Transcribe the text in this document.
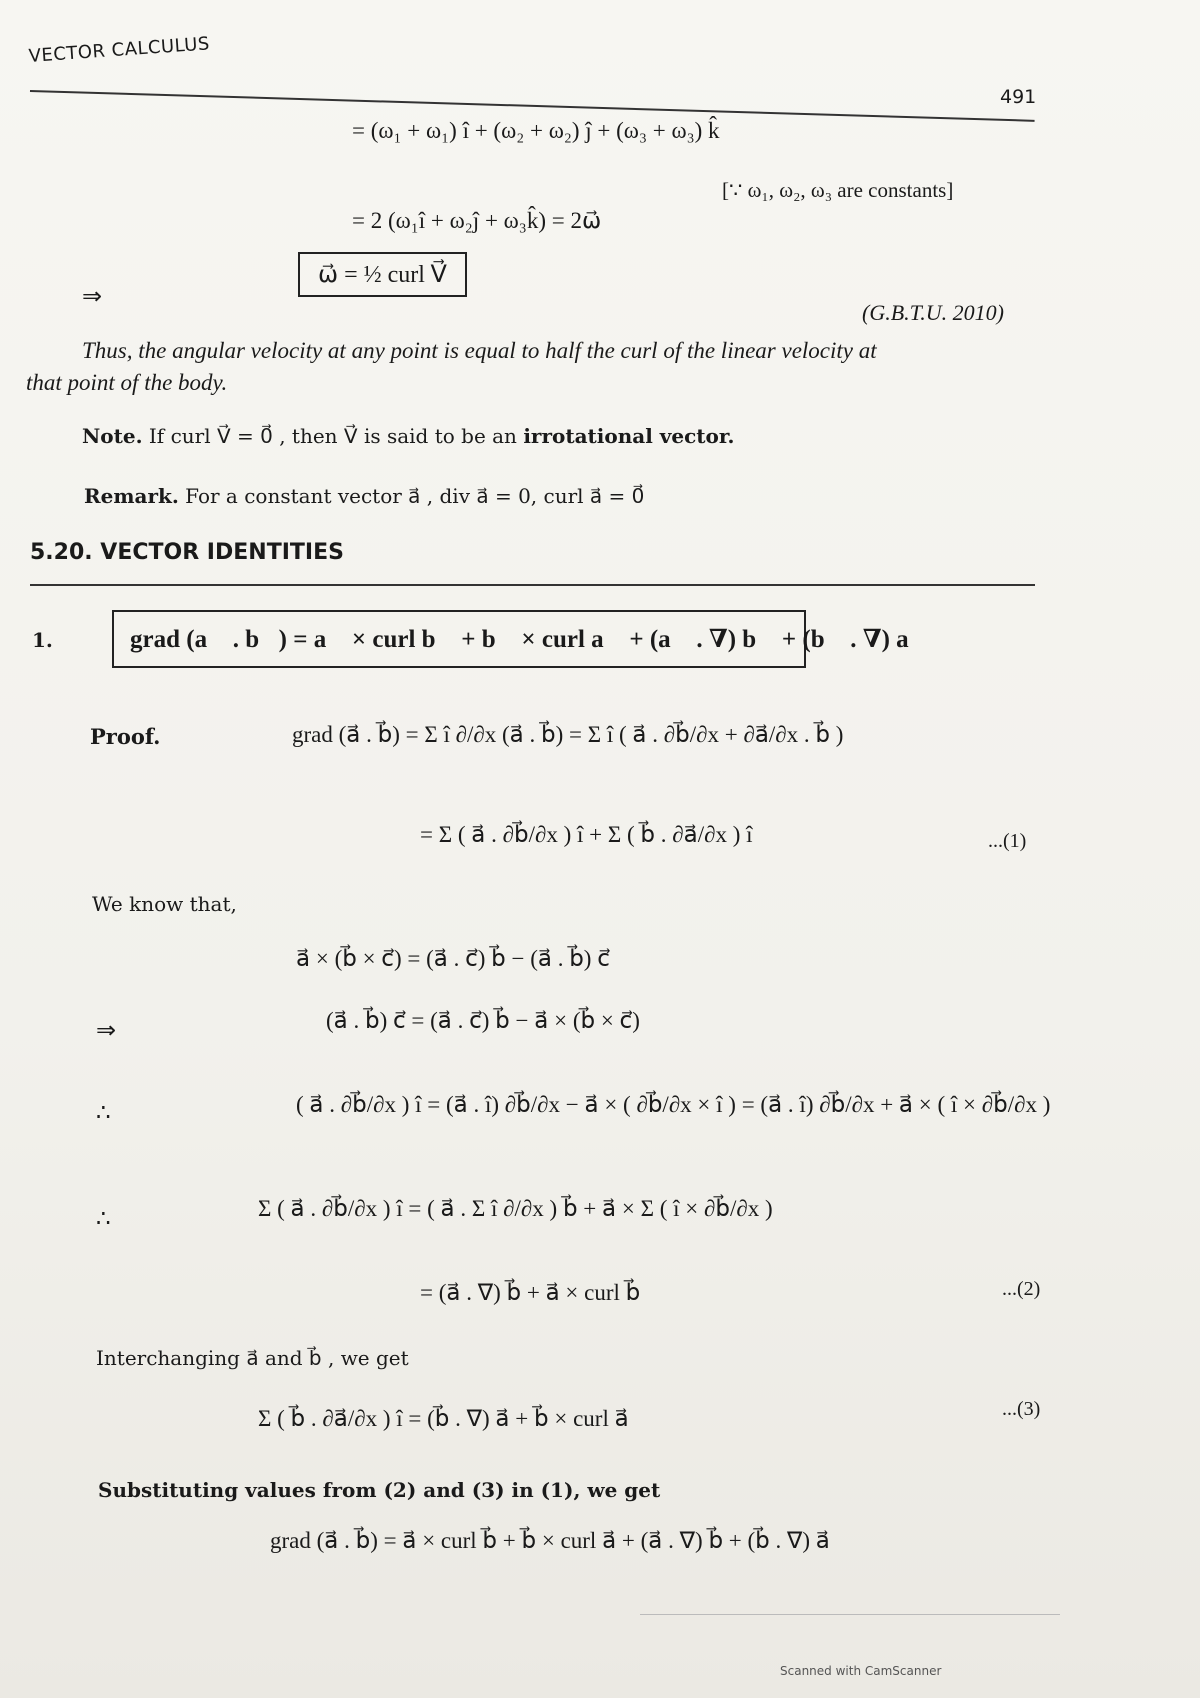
VECTOR CALCULUS
491
= (ω₁ + ω₁) î + (ω₂ + ω₂) ĵ + (ω₃ + ω₃) k̂
[∵ ω₁, ω₂, ω₃ are constants]
= 2 (ω₁î + ω₂ĵ + ω₃k̂) = 2ω⃗
⇒
ω⃗ = ½ curl V⃗
(G.B.T.U. 2010)
Thus, the angular velocity at any point is equal to half the curl of the linear velocity at
that point of the body.
Note. If curl V⃗ = 0⃗ , then V⃗ is said to be an irrotational vector.
Remark. For a constant vector a⃗ , div a⃗ = 0, curl a⃗ = 0⃗
5.20. VECTOR IDENTITIES
1.	grad (a⃗ . b⃗) = a⃗ × curl b⃗ + b⃗ × curl a⃗ + (a⃗ . ∇) b⃗ + (b⃗ . ∇) a⃗
Proof.	grad (a⃗ . b⃗) = Σ î ∂/∂x (a⃗ . b⃗) = Σ î ( a⃗ . ∂b⃗/∂x + ∂a⃗/∂x . b⃗ )
= Σ ( a⃗ . ∂b⃗/∂x ) î + Σ ( b⃗ . ∂a⃗/∂x ) î	...(1)
We know that,
a⃗ × (b⃗ × c⃗) = (a⃗ . c⃗) b⃗ − (a⃗ . b⃗) c⃗
⇒	(a⃗ . b⃗) c⃗ = (a⃗ . c⃗) b⃗ − a⃗ × (b⃗ × c⃗)
∴	( a⃗ . ∂b⃗/∂x ) î = (a⃗ . î) ∂b⃗/∂x − a⃗ × ( ∂b⃗/∂x × î ) = (a⃗ . î) ∂b⃗/∂x + a⃗ × ( î × ∂b⃗/∂x )
∴	Σ ( a⃗ . ∂b⃗/∂x ) î = ( a⃗ . Σ î ∂/∂x ) b⃗ + a⃗ × Σ ( î × ∂b⃗/∂x )
= (a⃗ . ∇) b⃗ + a⃗ × curl b⃗	...(2)
Interchanging a⃗ and b⃗ , we get
Σ ( b⃗ . ∂a⃗/∂x ) î = (b⃗ . ∇) a⃗ + b⃗ × curl a⃗	...(3)
Substituting values from (2) and (3) in (1), we get
grad (a⃗ . b⃗) = a⃗ × curl b⃗ + b⃗ × curl a⃗ + (a⃗ . ∇) b⃗ + (b⃗ . ∇) a⃗
Scanned with CamScanner
